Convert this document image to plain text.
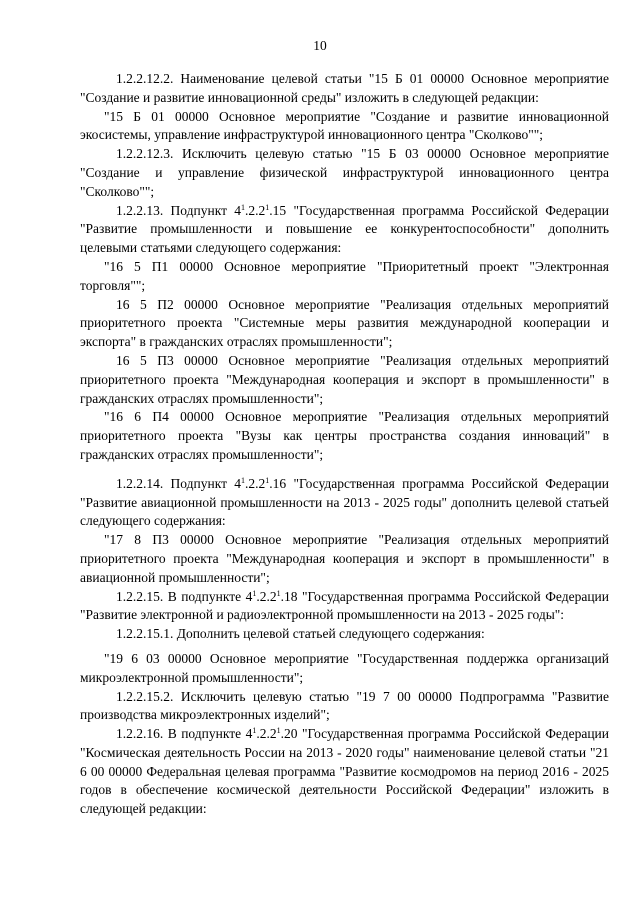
10

1.2.2.12.2. Наименование целевой статьи "15 Б 01 00000 Основное мероприятие "Создание и развитие инновационной среды" изложить в следующей редакции:

"15 Б 01 00000 Основное мероприятие "Создание и развитие инновационной экосистемы, управление инфраструктурой инновационного центра "Сколково"";

1.2.2.12.3. Исключить целевую статью "15 Б 03 00000 Основное мероприятие "Создание и управление физической инфраструктурой инновационного центра "Сколково"";

1.2.2.13. Подпункт $4^1.2.2^1.15$ "Государственная программа Российской Федерации "Развитие промышленности и повышение ее конкурентоспособности" дополнить целевыми статьями следующего содержания:

"16 5 П1 00000 Основное мероприятие "Приоритетный проект "Электронная торговля"";

16 5 П2 00000 Основное мероприятие "Реализация отдельных мероприятий приоритетного проекта "Системные меры развития международной кооперации и экспорта" в гражданских отраслях промышленности";

16 5 П3 00000 Основное мероприятие "Реализация отдельных мероприятий приоритетного проекта "Международная кооперация и экспорт в промышленности" в гражданских отраслях промышленности";

"16 6 П4 00000 Основное мероприятие "Реализация отдельных мероприятий приоритетного проекта "Вузы как центры пространства создания инноваций" в гражданских отраслях промышленности";

1.2.2.14. Подпункт $4^1.2.2^1.16$ "Государственная программа Российской Федерации "Развитие авиационной промышленности на 2013 - 2025 годы" дополнить целевой статьей следующего содержания:

"17 8 П3 00000 Основное мероприятие "Реализация отдельных мероприятий приоритетного проекта "Международная кооперация и экспорт в промышленности" в авиационной промышленности";

1.2.2.15. В подпункте $4^1.2.2^1.18$ "Государственная программа Российской Федерации "Развитие электронной и радиоэлектронной промышленности на 2013 - 2025 годы":

1.2.2.15.1. Дополнить целевой статьей следующего содержания:

"19 6 03 00000 Основное мероприятие "Государственная поддержка организаций микроэлектронной промышленности";

1.2.2.15.2. Исключить целевую статью "19 7 00 00000 Подпрограмма "Развитие производства микроэлектронных изделий";

1.2.2.16. В подпункте $4^1.2.2^1.20$ "Государственная программа Российской Федерации "Космическая деятельность России на 2013 - 2020 годы" наименование целевой статьи "21 6 00 00000 Федеральная целевая программа "Развитие космодромов на период 2016 - 2025 годов в обеспечение космической деятельности Российской Федерации" изложить в следующей редакции:
